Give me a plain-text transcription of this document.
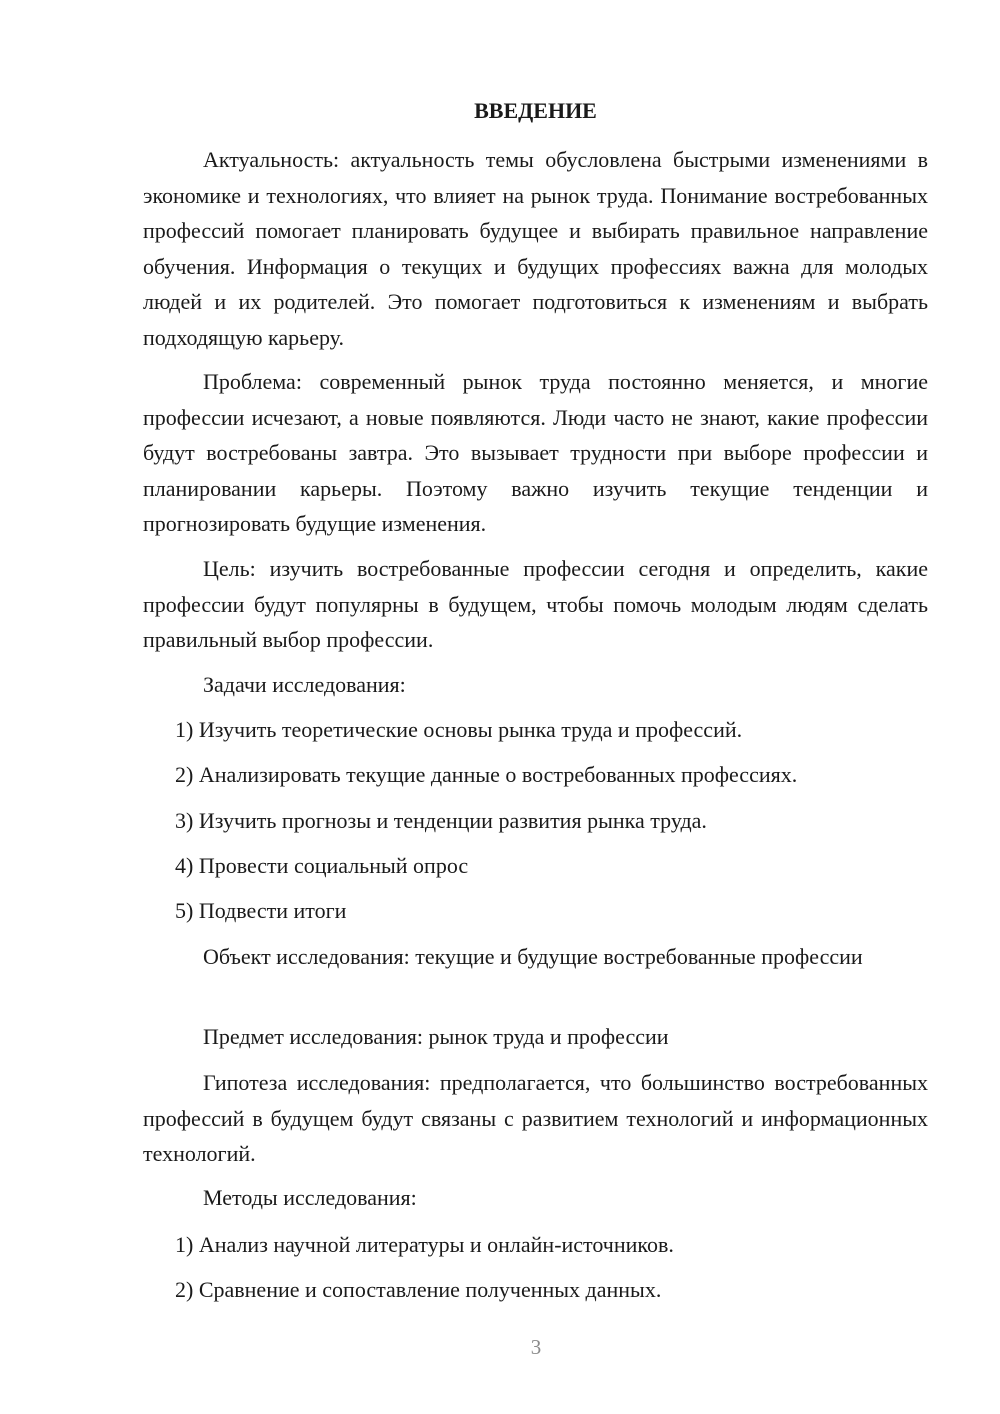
ВВЕДЕНИЕ

Актуальность: актуальность темы обусловлена быстрыми изменениями в экономике и технологиях, что влияет на рынок труда. Понимание востребованных профессий помогает планировать будущее и выбирать правильное направление обучения. Информация о текущих и будущих профессиях важна для молодых людей и их родителей. Это помогает подготовиться к изменениям и выбрать подходящую карьеру.

Проблема: современный рынок труда постоянно меняется, и многие профессии исчезают, а новые появляются. Люди часто не знают, какие профессии будут востребованы завтра. Это вызывает трудности при выборе профессии и планировании карьеры. Поэтому важно изучить текущие тенденции и прогнозировать будущие изменения.

Цель: изучить востребованные профессии сегодня и определить, какие профессии будут популярны в будущем, чтобы помочь молодым людям сделать правильный выбор профессии.

Задачи исследования:

1) Изучить теоретические основы рынка труда и профессий.

2) Анализировать текущие данные о востребованных профессиях.

3) Изучить прогнозы и тенденции развития рынка труда.

4) Провести социальный опрос

5) Подвести итоги

Объект исследования: текущие и будущие востребованные профессии

Предмет исследования: рынок труда и профессии

Гипотеза исследования: предполагается, что большинство востребованных профессий в будущем будут связаны с развитием технологий и информационных технологий.

Методы исследования:

1) Анализ научной литературы и онлайн-источников.

2) Сравнение и сопоставление полученных данных.

3
